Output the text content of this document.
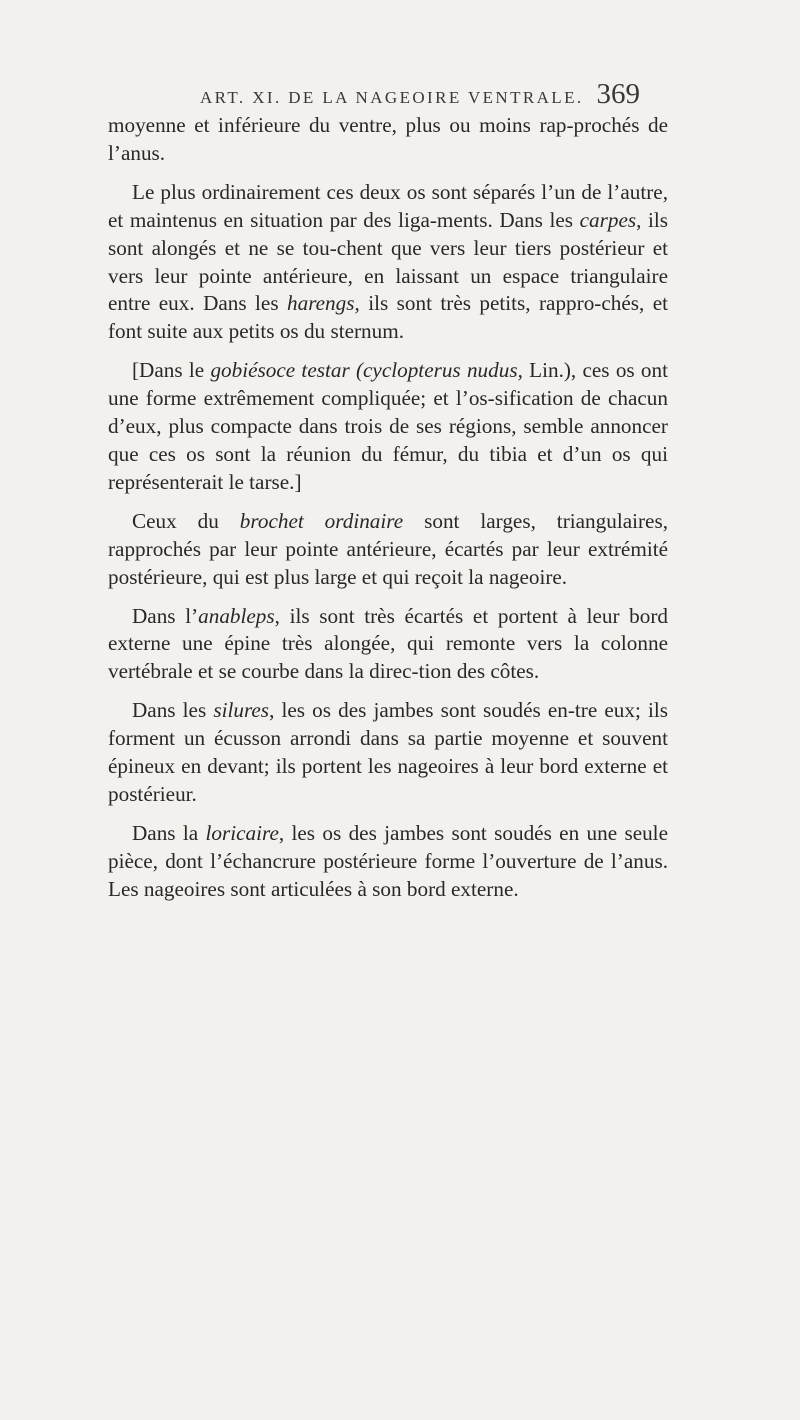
ART. XI. DE LA NAGEOIRE VENTRALE. 369

moyenne et inférieure du ventre, plus ou moins rap-prochés de l’anus.

Le plus ordinairement ces deux os sont séparés l’un de l’autre, et maintenus en situation par des liga-ments. Dans les carpes, ils sont alongés et ne se tou-chent que vers leur tiers postérieur et vers leur pointe antérieure, en laissant un espace triangulaire entre eux. Dans les harengs, ils sont très petits, rappro-chés, et font suite aux petits os du sternum.

[Dans le gobiésoce testar (cyclopterus nudus, Lin.), ces os ont une forme extrêmement compliquée; et l’os-sification de chacun d’eux, plus compacte dans trois de ses régions, semble annoncer que ces os sont la réunion du fémur, du tibia et d’un os qui représenterait le tarse.]

Ceux du brochet ordinaire sont larges, triangulaires, rapprochés par leur pointe antérieure, écartés par leur extrémité postérieure, qui est plus large et qui reçoit la nageoire.

Dans l’anableps, ils sont très écartés et portent à leur bord externe une épine très alongée, qui remonte vers la colonne vertébrale et se courbe dans la direc-tion des côtes.

Dans les silures, les os des jambes sont soudés en-tre eux; ils forment un écusson arrondi dans sa partie moyenne et souvent épineux en devant; ils portent les nageoires à leur bord externe et postérieur.

Dans la loricaire, les os des jambes sont soudés en une seule pièce, dont l’échancrure postérieure forme l’ouverture de l’anus. Les nageoires sont articulées à son bord externe.
